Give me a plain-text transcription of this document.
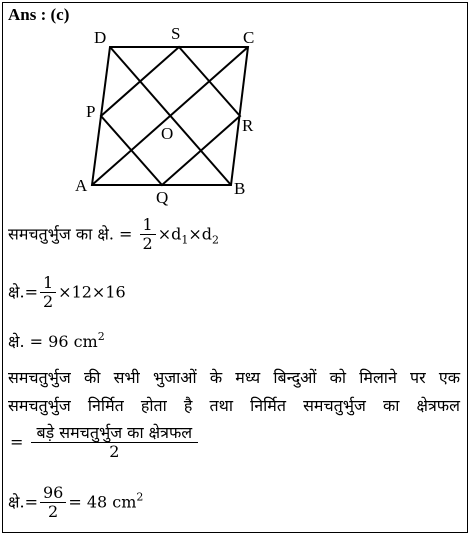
Ans : (c)
D	S	C
P
O	R
A
Q	B
समचतुर्भुज का क्षे. = $\frac{1}{2} \times d_1\times d_2$
क्षे.= $\frac{1}{2} \times 12\times 16$
क्षे. = 96 $cm^2$
समचतुर्भुज की सभी भुजाओं के मध्य बिन्दुओं को मिलाने पर एक
समचतुर्भुज निर्मित होता है तथा निर्मित समचतुर्भुज का क्षेत्रफल
= $\frac{\text{बड़े समचतुर्भुज का क्षेत्रफल}}{2}$
क्षे.= $\frac{96}{2} = 48$ $cm^2$
